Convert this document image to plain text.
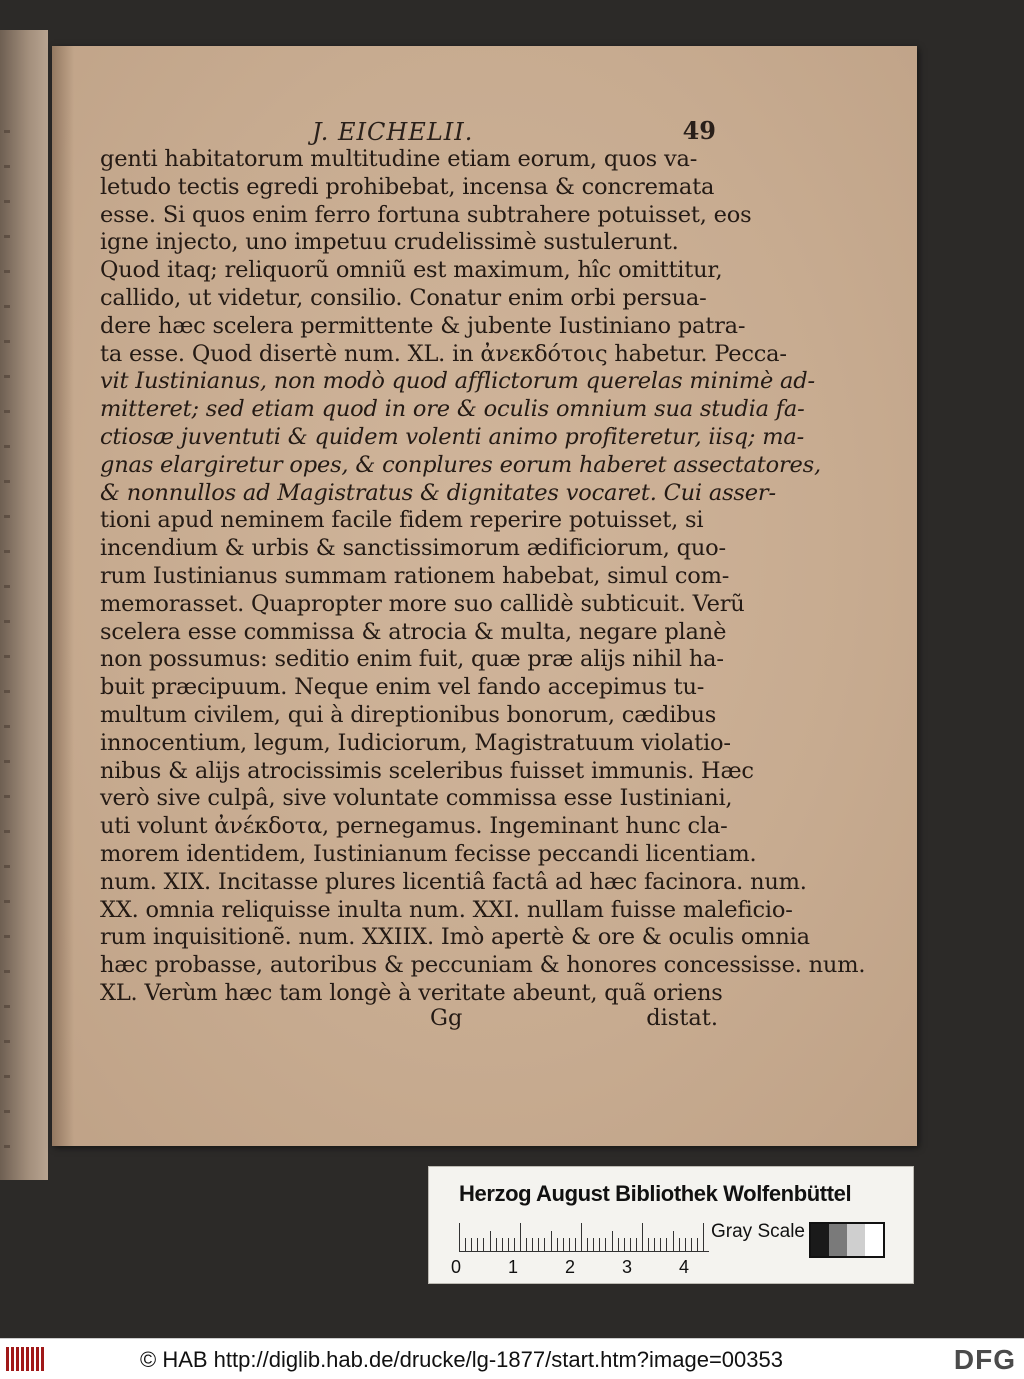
J. EICHELII.	49
genti habitatorum multitudine etiam eorum, quos va-
letudo tectis egredi prohibebat, incensa & concremata
esse. Si quos enim ferro fortuna subtrahere potuisset, eos
igne injecto, uno impetuu crudelissimè sustulerunt.
Quod itaq; reliquorũ omniũ est maximum, hîc omittitur,
callido, ut videtur, consilio. Conatur enim orbi persua-
dere hæc scelera permittente & jubente Iustiniano patra-
ta esse. Quod disertè num. XL. in ἀνεκδότοις habetur. Pecca-
vit Iustinianus, non modò quod afflictorum querelas minimè ad-
mitteret; sed etiam quod in ore & oculis omnium sua studia fa-
ctiosæ juventuti & quidem volenti animo profiteretur, iisq; ma-
gnas elargiretur opes, & conplures eorum haberet assectatores,
& nonnullos ad Magistratus & dignitates vocaret. Cui asser-
tioni apud neminem facile fidem reperire potuisset, si
incendium & urbis & sanctissimorum ædificiorum, quo-
rum Iustinianus summam rationem habebat, simul com-
memorasset. Quapropter more suo callidè subticuit. Verũ
scelera esse commissa & atrocia & multa, negare planè
non possumus: seditio enim fuit, quæ præ alijs nihil ha-
buit præcipuum. Neque enim vel fando accepimus tu-
multum civilem, qui à direptionibus bonorum, cædibus
innocentium, legum, Iudiciorum, Magistratuum violatio-
nibus & alijs atrocissimis sceleribus fuisset immunis. Hæc
verò sive culpâ, sive voluntate commissa esse Iustiniani,
uti volunt ἀνέκδοτα, pernegamus. Ingeminant hunc cla-
morem identidem, Iustinianum fecisse peccandi licentiam.
num. XIX. Incitasse plures licentiâ factâ ad hæc facinora. num.
XX. omnia reliquisse inulta num. XXI. nullam fuisse maleficio-
rum inquisitionẽ. num. XXIIX. Imò apertè & ore & oculis omnia
hæc probasse, autoribus & peccuniam & honores concessisse. num.
XL. Verùm hæc tam longè à veritate abeunt, quã oriens
Gg	distat.
Herzog August Bibliothek Wolfenbüttel
0	1	2	3	4
Gray Scale
© HAB http://diglib.hab.de/drucke/lg-1877/start.htm?image=00353	DFG
